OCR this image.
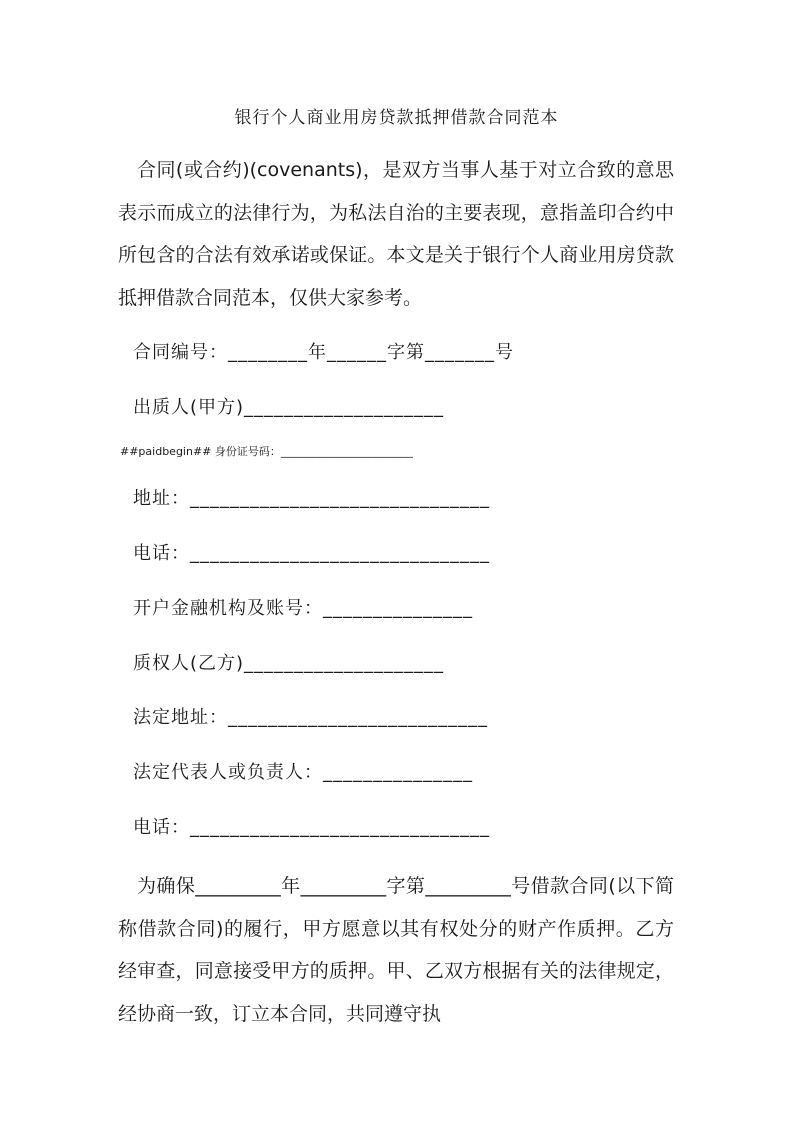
银行个人商业用房贷款抵押借款合同范本

合同(或合约)(covenants)，是双方当事人基于对立合致的意思表示而成立的法律行为，为私法自治的主要表现，意指盖印合约中所包含的合法有效承诺或保证。本文是关于银行个人商业用房贷款抵押借款合同范本，仅供大家参考。

合同编号：________年______字第_______号
出质人(甲方)____________________
##paidbegin## 身份证号码：________________________
地址：______________________________
电话：______________________________
开户金融机构及账号：_______________
质权人(乙方)____________________
法定地址：__________________________
法定代表人或负责人：_______________
电话：______________________________

为确保_________年_________字第_________号借款合同(以下简称借款合同)的履行，甲方愿意以其有权处分的财产作质押。乙方经审查，同意接受甲方的质押。甲、乙双方根据有关的法律规定，经协商一致，订立本合同，共同遵守执
